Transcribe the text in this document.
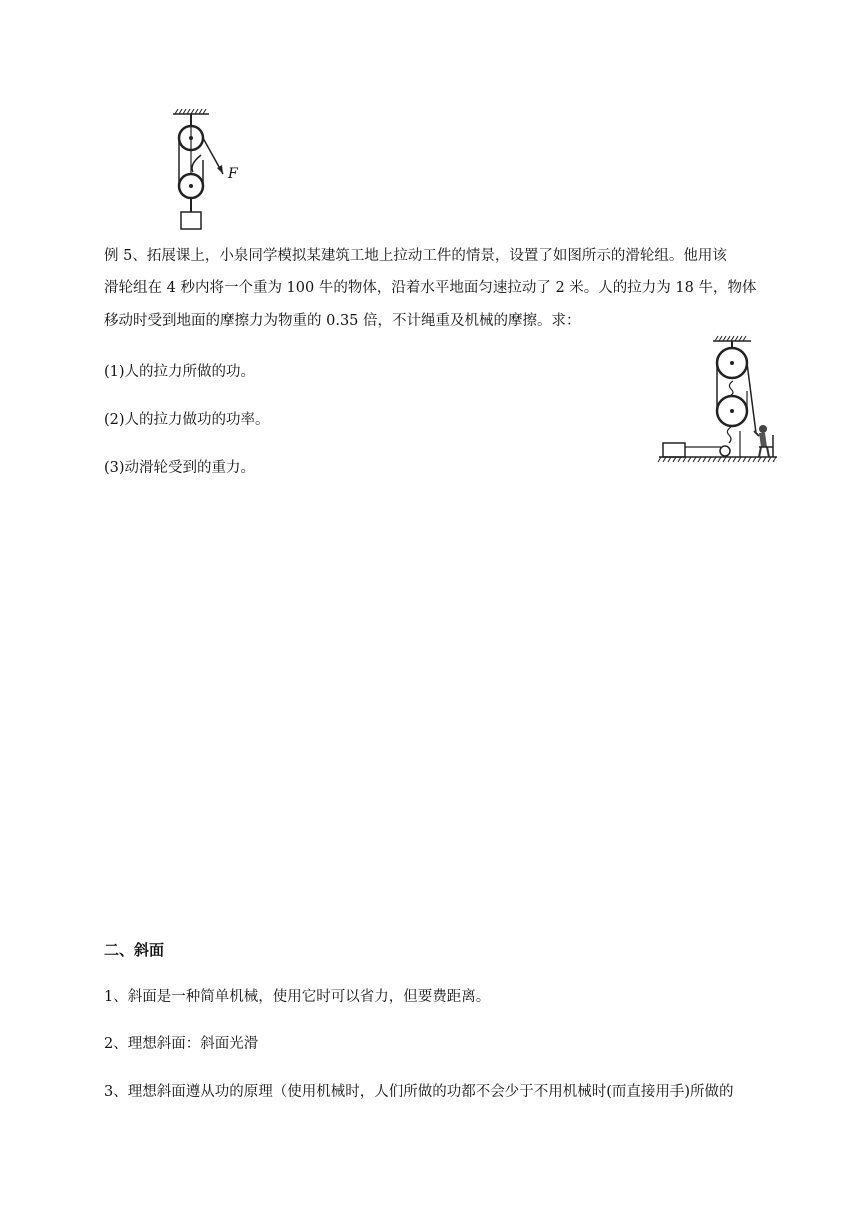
F
例 5、拓展课上，小泉同学模拟某建筑工地上拉动工件的情景，设置了如图所示的滑轮组。他用该
滑轮组在 4 秒内将一个重为 100 牛的物体，沿着水平地面匀速拉动了 2 米。人的拉力为 18 牛，物体
移动时受到地面的摩擦力为物重的 0.35 倍，不计绳重及机械的摩擦。求：
(1)人的拉力所做的功。
(2)人的拉力做功的功率。
(3)动滑轮受到的重力。
二、斜面
1、斜面是一种简单机械，使用它时可以省力，但要费距离。
2、理想斜面：斜面光滑
3、理想斜面遵从功的原理（使用机械时，人们所做的功都不会少于不用机械时(而直接用手)所做的
